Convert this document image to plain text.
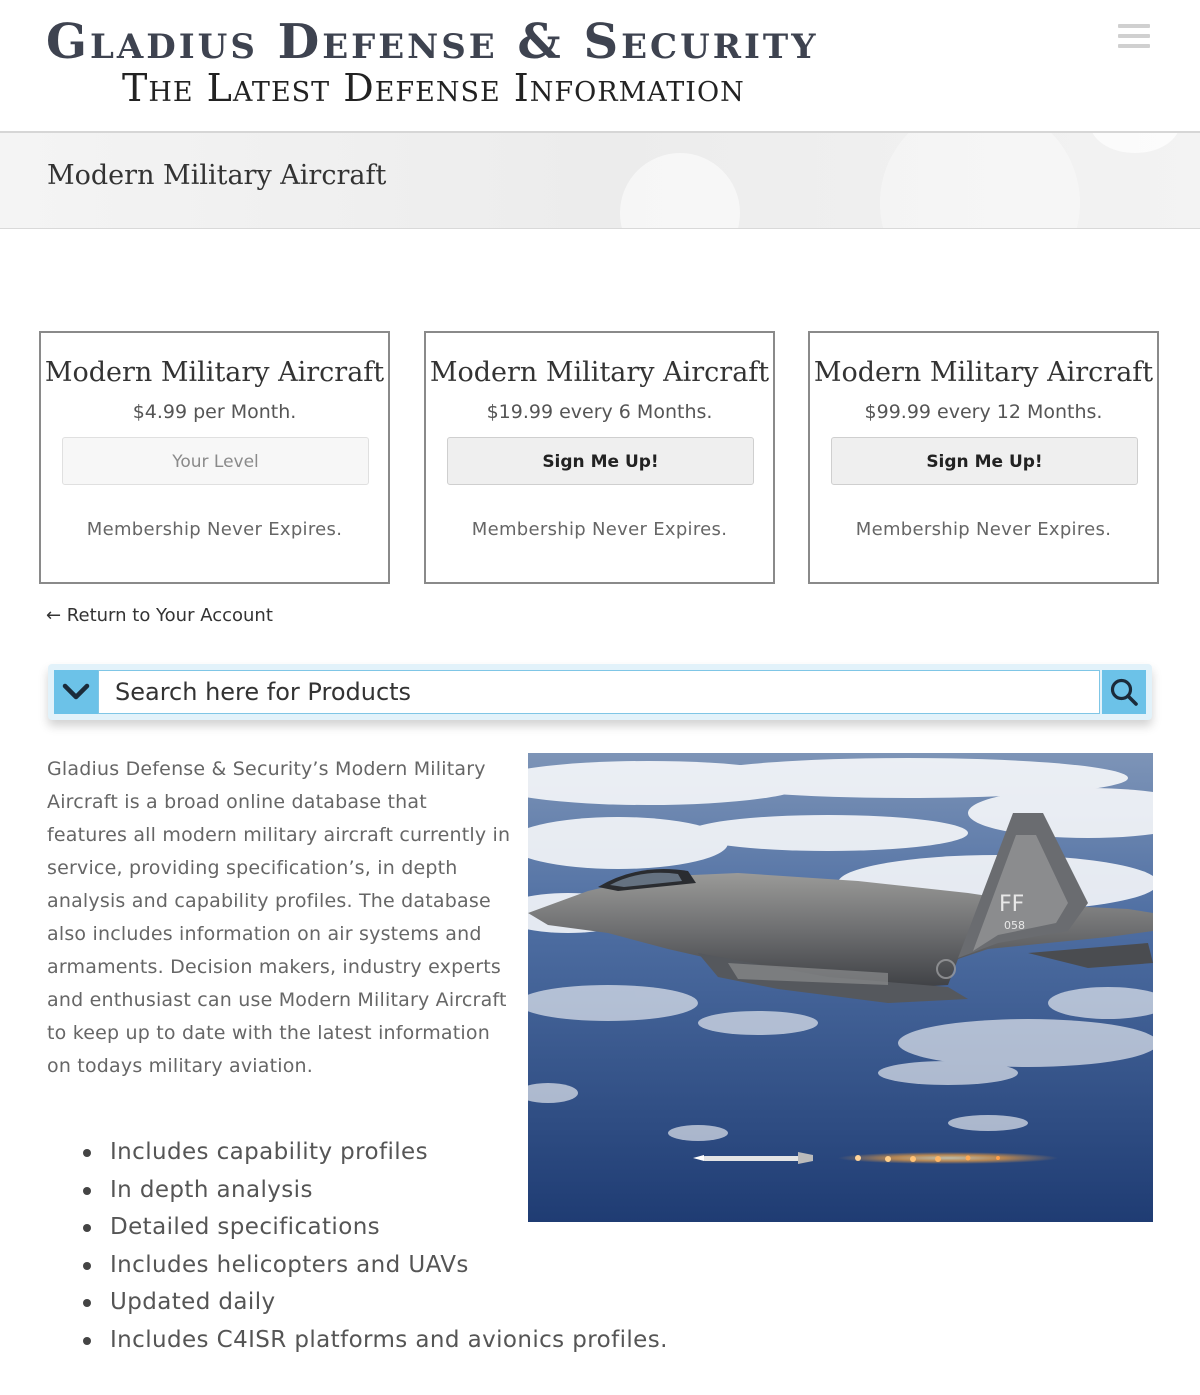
Gladius Defense & Security
The Latest Defense Information
Modern Military Aircraft
Modern Military Aircraft
$4.99 per Month.
Your Level
Membership Never Expires.
Modern Military Aircraft
$19.99 every 6 Months.
Sign Me Up!
Membership Never Expires.
Modern Military Aircraft
$99.99 every 12 Months.
Sign Me Up!
Membership Never Expires.
← Return to Your Account
Search here for Products

Gladius Defense & Security’s Modern Military Aircraft is a broad online database that features all modern military aircraft currently in service, providing specification’s, in depth analysis and capability profiles. The database also includes information on air systems and armaments. Decision makers, industry experts and enthusiast can use Modern Military Aircraft to keep up to date with the latest information on todays military aviation.

Includes capability profiles
In depth analysis
Detailed specifications
Includes helicopters and UAVs
Updated daily
Includes C4ISR platforms and avionics profiles.
FF
058
